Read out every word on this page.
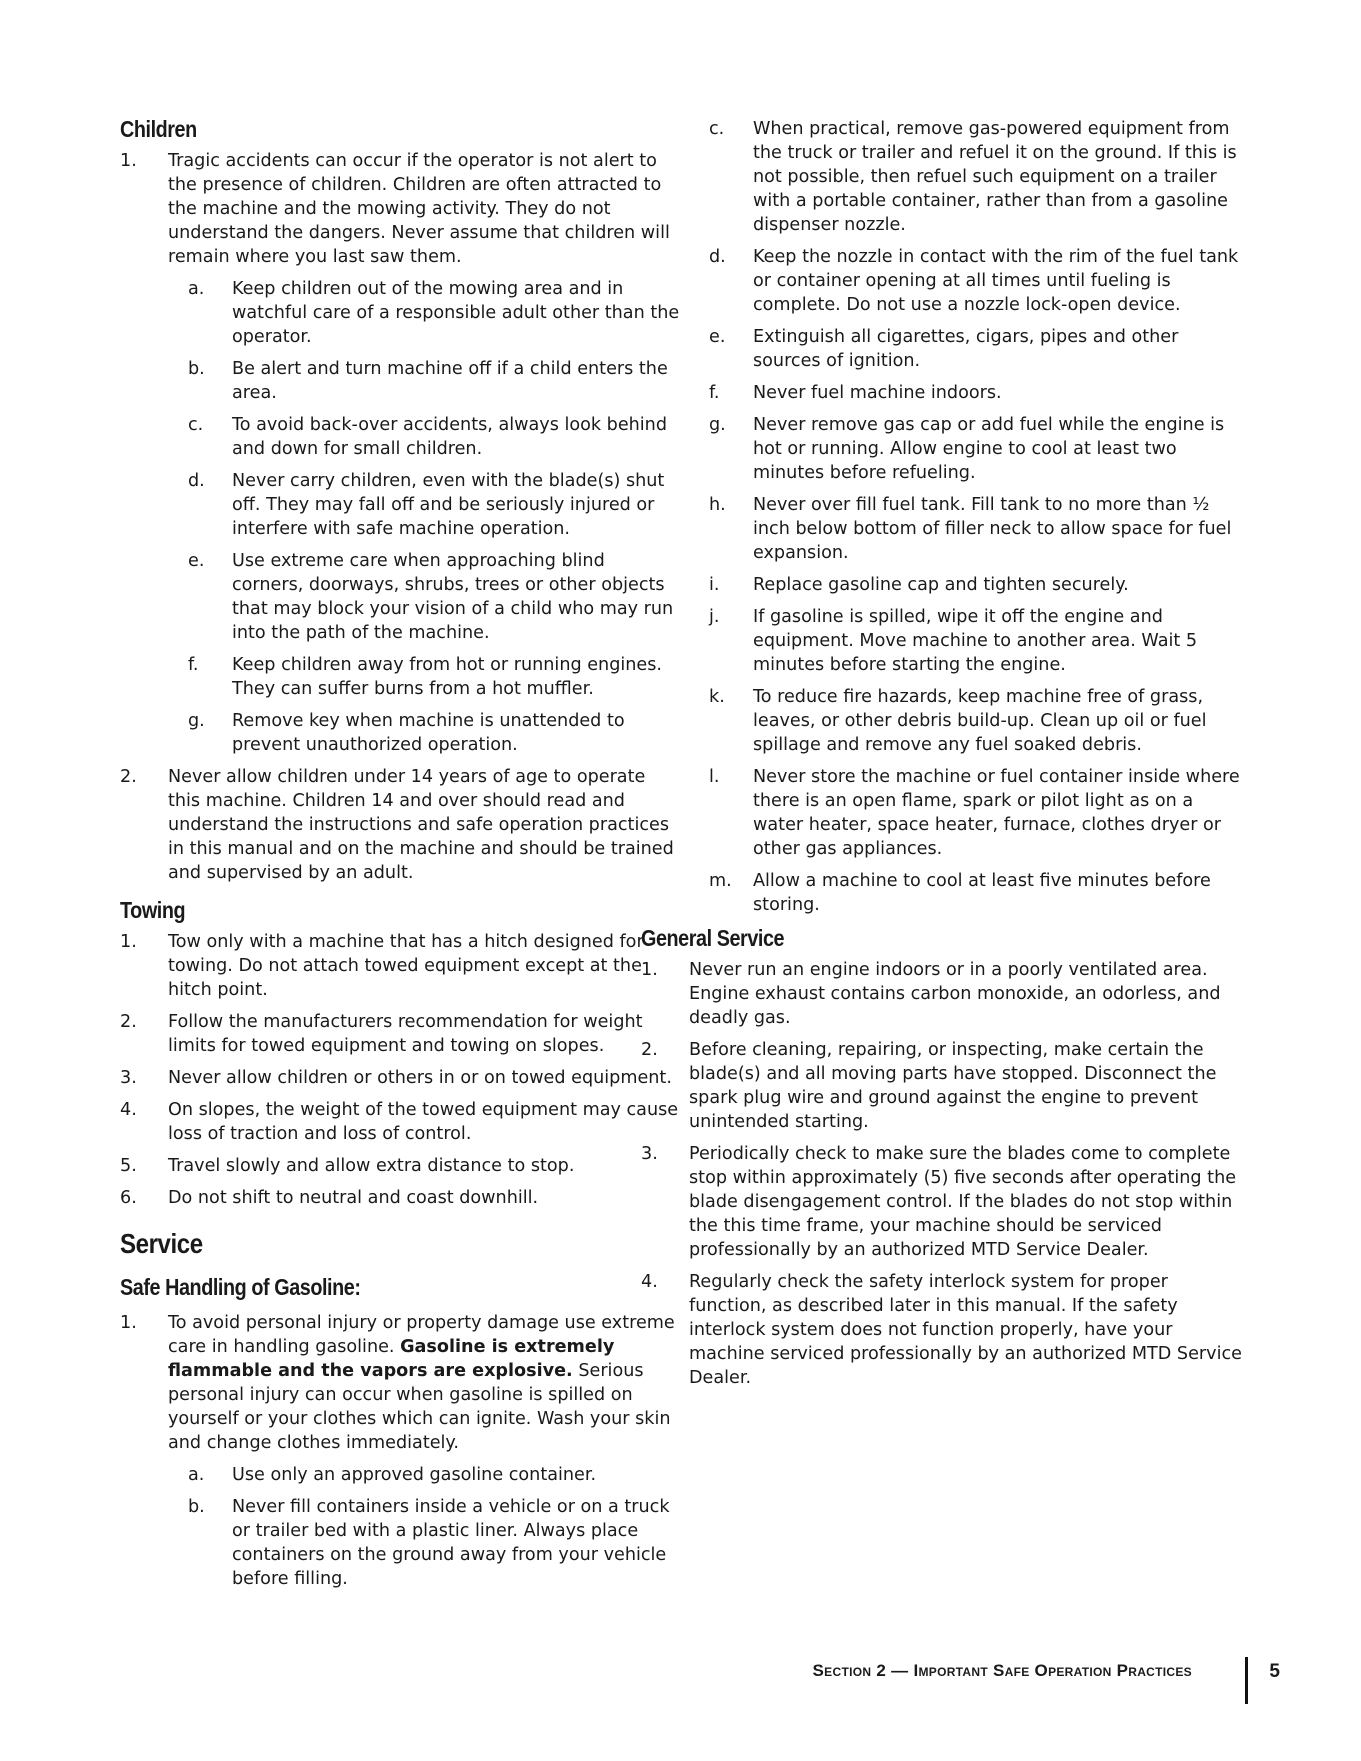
Children
1. Tragic accidents can occur if the operator is not alert to the presence of children. Children are often attracted to the machine and the mowing activity. They do not understand the dangers. Never assume that children will remain where you last saw them.
a. Keep children out of the mowing area and in watchful care of a responsible adult other than the operator.
b. Be alert and turn machine off if a child enters the area.
c. To avoid back-over accidents, always look behind and down for small children.
d. Never carry children, even with the blade(s) shut off. They may fall off and be seriously injured or interfere with safe machine operation.
e. Use extreme care when approaching blind corners, doorways, shrubs, trees or other objects that may block your vision of a child who may run into the path of the machine.
f. Keep children away from hot or running engines. They can suffer burns from a hot muffler.
g. Remove key when machine is unattended to prevent unauthorized operation.
2. Never allow children under 14 years of age to operate this machine. Children 14 and over should read and understand the instructions and safe operation practices in this manual and on the machine and should be trained and supervised by an adult.
Towing
1. Tow only with a machine that has a hitch designed for towing. Do not attach towed equipment except at the hitch point.
2. Follow the manufacturers recommendation for weight limits for towed equipment and towing on slopes.
3. Never allow children or others in or on towed equipment.
4. On slopes, the weight of the towed equipment may cause loss of traction and loss of control.
5. Travel slowly and allow extra distance to stop.
6. Do not shift to neutral and coast downhill.
Service
Safe Handling of Gasoline:
1. To avoid personal injury or property damage use extreme care in handling gasoline. Gasoline is extremely flammable and the vapors are explosive. Serious personal injury can occur when gasoline is spilled on yourself or your clothes which can ignite. Wash your skin and change clothes immediately.
a. Use only an approved gasoline container.
b. Never fill containers inside a vehicle or on a truck or trailer bed with a plastic liner. Always place containers on the ground away from your vehicle before filling.
c. When practical, remove gas-powered equipment from the truck or trailer and refuel it on the ground. If this is not possible, then refuel such equipment on a trailer with a portable container, rather than from a gasoline dispenser nozzle.
d. Keep the nozzle in contact with the rim of the fuel tank or container opening at all times until fueling is complete. Do not use a nozzle lock-open device.
e. Extinguish all cigarettes, cigars, pipes and other sources of ignition.
f. Never fuel machine indoors.
g. Never remove gas cap or add fuel while the engine is hot or running. Allow engine to cool at least two minutes before refueling.
h. Never over fill fuel tank. Fill tank to no more than ½ inch below bottom of filler neck to allow space for fuel expansion.
i. Replace gasoline cap and tighten securely.
j. If gasoline is spilled, wipe it off the engine and equipment. Move machine to another area. Wait 5 minutes before starting the engine.
k. To reduce fire hazards, keep machine free of grass, leaves, or other debris build-up. Clean up oil or fuel spillage and remove any fuel soaked debris.
l. Never store the machine or fuel container inside where there is an open flame, spark or pilot light as on a water heater, space heater, furnace, clothes dryer or other gas appliances.
m. Allow a machine to cool at least five minutes before storing.
General Service
1. Never run an engine indoors or in a poorly ventilated area. Engine exhaust contains carbon monoxide, an odorless, and deadly gas.
2. Before cleaning, repairing, or inspecting, make certain the blade(s) and all moving parts have stopped. Disconnect the spark plug wire and ground against the engine to prevent unintended starting.
3. Periodically check to make sure the blades come to complete stop within approximately (5) five seconds after operating the blade disengagement control. If the blades do not stop within the this time frame, your machine should be serviced professionally by an authorized MTD Service Dealer.
4. Regularly check the safety interlock system for proper function, as described later in this manual. If the safety interlock system does not function properly, have your machine serviced professionally by an authorized MTD Service Dealer.
Section 2 — Important Safe Operation Practices	5
